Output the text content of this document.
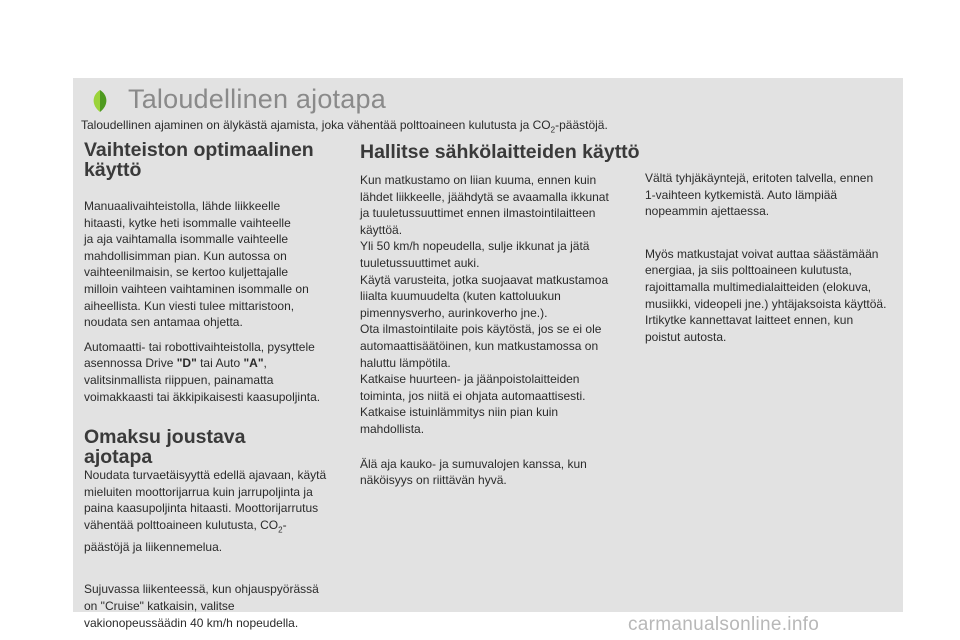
Taloudellinen ajotapa
Taloudellinen ajaminen on älykästä ajamista, joka vähentää polttoaineen kulutusta ja $CO_2$-päästöjä.
Vaihteiston optimaalinen
käyttö

Manuaalivaihteistolla, lähde liikkeelle
hitaasti, kytke heti isommalle vaihteelle
ja aja vaihtamalla isommalle vaihteelle
mahdollisimman pian. Kun autossa on
vaihteenilmaisin, se kertoo kuljettajalle
milloin vaihteen vaihtaminen isommalle on
aiheellista. Kun viesti tulee mittaristoon,
noudata sen antamaa ohjetta.

Automaatti- tai robottivaihteistolla, pysyttele
asennossa Drive "D" tai Auto "A",
valitsinmallista riippuen, painamatta
voimakkaasti tai äkkipikaisesti kaasupoljinta.

Omaksu joustava
ajotapa

Noudata turvaetäisyyttä edellä ajavaan, käytä
mieluiten moottorijarrua kuin jarrupoljinta ja
paina kaasupoljinta hitaasti. Moottorijarrutus
vähentää polttoaineen kulutusta, $CO_2-$
päästöjä ja liikennemelua.

Sujuvassa liikenteessä, kun ohjauspyörässä
on "Cruise" katkaisin, valitse
vakionopeussäädin 40 km/h nopeudella.

Hallitse sähkölaitteiden käyttö

Kun matkustamo on liian kuuma, ennen kuin
lähdet liikkeelle, jäähdytä se avaamalla ikkunat
ja tuuletussuuttimet ennen ilmastointilaitteen
käyttöä.
Yli 50 km/h nopeudella, sulje ikkunat ja jätä
tuuletussuuttimet auki.
Käytä varusteita, jotka suojaavat matkustamoa
liialta kuumuudelta (kuten kattoluukun
pimennysverho, aurinkoverho jne.).
Ota ilmastointilaite pois käytöstä, jos se ei ole
automaattisäätöinen, kun matkustamossa on
haluttu lämpötila.
Katkaise huurteen- ja jäänpoistolaitteiden
toiminta, jos niitä ei ohjata automaattisesti.
Katkaise istuinlämmitys niin pian kuin
mahdollista.

Älä aja kauko- ja sumuvalojen kanssa, kun
näköisyys on riittävän hyvä.

Vältä tyhjäkäyntejä, eritoten talvella, ennen
1-vaihteen kytkemistä. Auto lämpiää
nopeammin ajettaessa.

Myös matkustajat voivat auttaa säästämään
energiaa, ja siis polttoaineen kulutusta,
rajoittamalla multimedialaitteiden (elokuva,
musiikki, videopeli jne.) yhtäjaksoista käyttöä.
Irtikytke kannettavat laitteet ennen, kun
poistut autosta.

carmanualsonline.info
